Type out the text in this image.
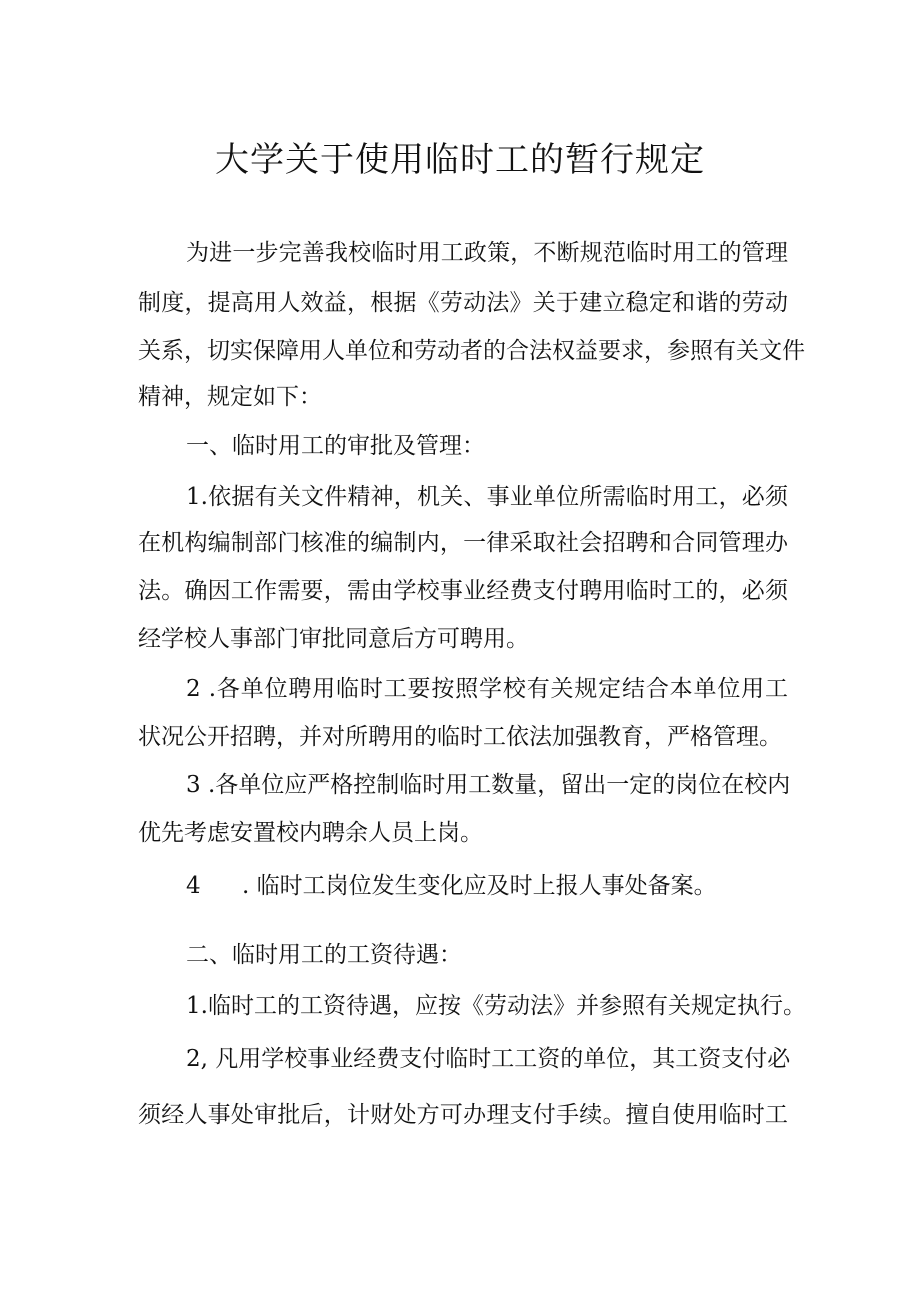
大学关于使用临时工的暂行规定

为进一步完善我校临时用工政策，不断规范临时用工的管理

制度，提高用人效益，根据《劳动法》关于建立稳定和谐的劳动

关系，切实保障用人单位和劳动者的合法权益要求，参照有关文件

精神，规定如下：

一、临时用工的审批及管理：

1.依据有关文件精神，机关、事业单位所需临时用工，必须

在机构编制部门核准的编制内，一律采取社会招聘和合同管理办

法。确因工作需要，需由学校事业经费支付聘用临时工的，必须

经学校人事部门审批同意后方可聘用。

2 .各单位聘用临时工要按照学校有关规定结合本单位用工

状况公开招聘，并对所聘用的临时工依法加强教育，严格管理。

3 .各单位应严格控制临时用工数量，留出一定的岗位在校内

优先考虑安置校内聘余人员上岗。

4 . 临时工岗位发生变化应及时上报人事处备案。
二、临时用工的工资待遇：

1.临时工的工资待遇，应按《劳动法》并参照有关规定执行。

2, 凡用学校事业经费支付临时工工资的单位，其工资支付必

须经人事处审批后，计财处方可办理支付手续。擅自使用临时工
